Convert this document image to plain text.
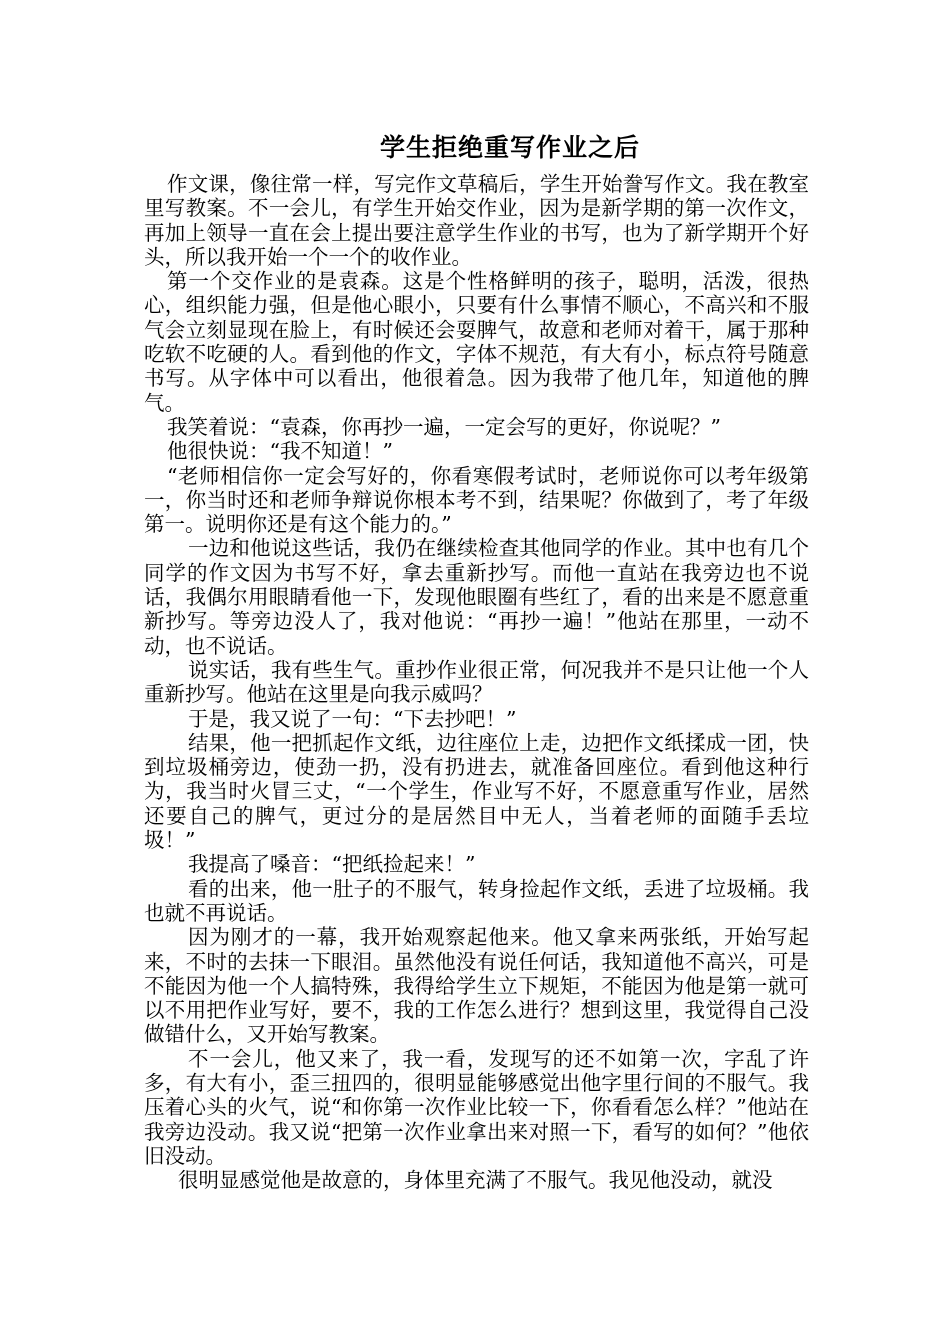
学生拒绝重写作业之后

作文课，像往常一样，写完作文草稿后，学生开始誊写作文。我在教室里写教案。不一会儿，有学生开始交作业，因为是新学期的第一次作文，再加上领导一直在会上提出要注意学生作业的书写，也为了新学期开个好头，所以我开始一个一个的收作业。

第一个交作业的是袁森。这是个性格鲜明的孩子，聪明，活泼，很热心，组织能力强，但是他心眼小，只要有什么事情不顺心，不高兴和不服气会立刻显现在脸上，有时候还会耍脾气，故意和老师对着干，属于那种吃软不吃硬的人。看到他的作文，字体不规范，有大有小，标点符号随意书写。从字体中可以看出，他很着急。因为我带了他几年，知道他的脾气。

我笑着说：“袁森，你再抄一遍，一定会写的更好，你说呢？”

他很快说：“我不知道！”

“老师相信你一定会写好的，你看寒假考试时，老师说你可以考年级第一，你当时还和老师争辩说你根本考不到，结果呢？你做到了，考了年级第一。说明你还是有这个能力的。”

一边和他说这些话，我仍在继续检查其他同学的作业。其中也有几个同学的作文因为书写不好，拿去重新抄写。而他一直站在我旁边也不说话，我偶尔用眼睛看他一下，发现他眼圈有些红了，看的出来是不愿意重新抄写。等旁边没人了，我对他说：“再抄一遍！”他站在那里，一动不动，也不说话。

说实话，我有些生气。重抄作业很正常，何况我并不是只让他一个人重新抄写。他站在这里是向我示威吗？

于是，我又说了一句：“下去抄吧！”

结果，他一把抓起作文纸，边往座位上走，边把作文纸揉成一团，快到垃圾桶旁边，使劲一扔，没有扔进去，就准备回座位。看到他这种行为，我当时火冒三丈，“一个学生，作业写不好，不愿意重写作业，居然还要自己的脾气，更过分的是居然目中无人，当着老师的面随手丢垃圾！”

我提高了嗓音：“把纸捡起来！”

看的出来，他一肚子的不服气，转身捡起作文纸，丢进了垃圾桶。我也就不再说话。

因为刚才的一幕，我开始观察起他来。他又拿来两张纸，开始写起来，不时的去抹一下眼泪。虽然他没有说任何话，我知道他不高兴，可是不能因为他一个人搞特殊，我得给学生立下规矩，不能因为他是第一就可以不用把作业写好，要不，我的工作怎么进行？想到这里，我觉得自己没做错什么，又开始写教案。

不一会儿，他又来了，我一看，发现写的还不如第一次，字乱了许多，有大有小，歪三扭四的，很明显能够感觉出他字里行间的不服气。我压着心头的火气，说“和你第一次作业比较一下，你看看怎么样？”他站在我旁边没动。我又说“把第一次作业拿出来对照一下，看写的如何？”他依旧没动。

很明显感觉他是故意的，身体里充满了不服气。我见他没动，就没
